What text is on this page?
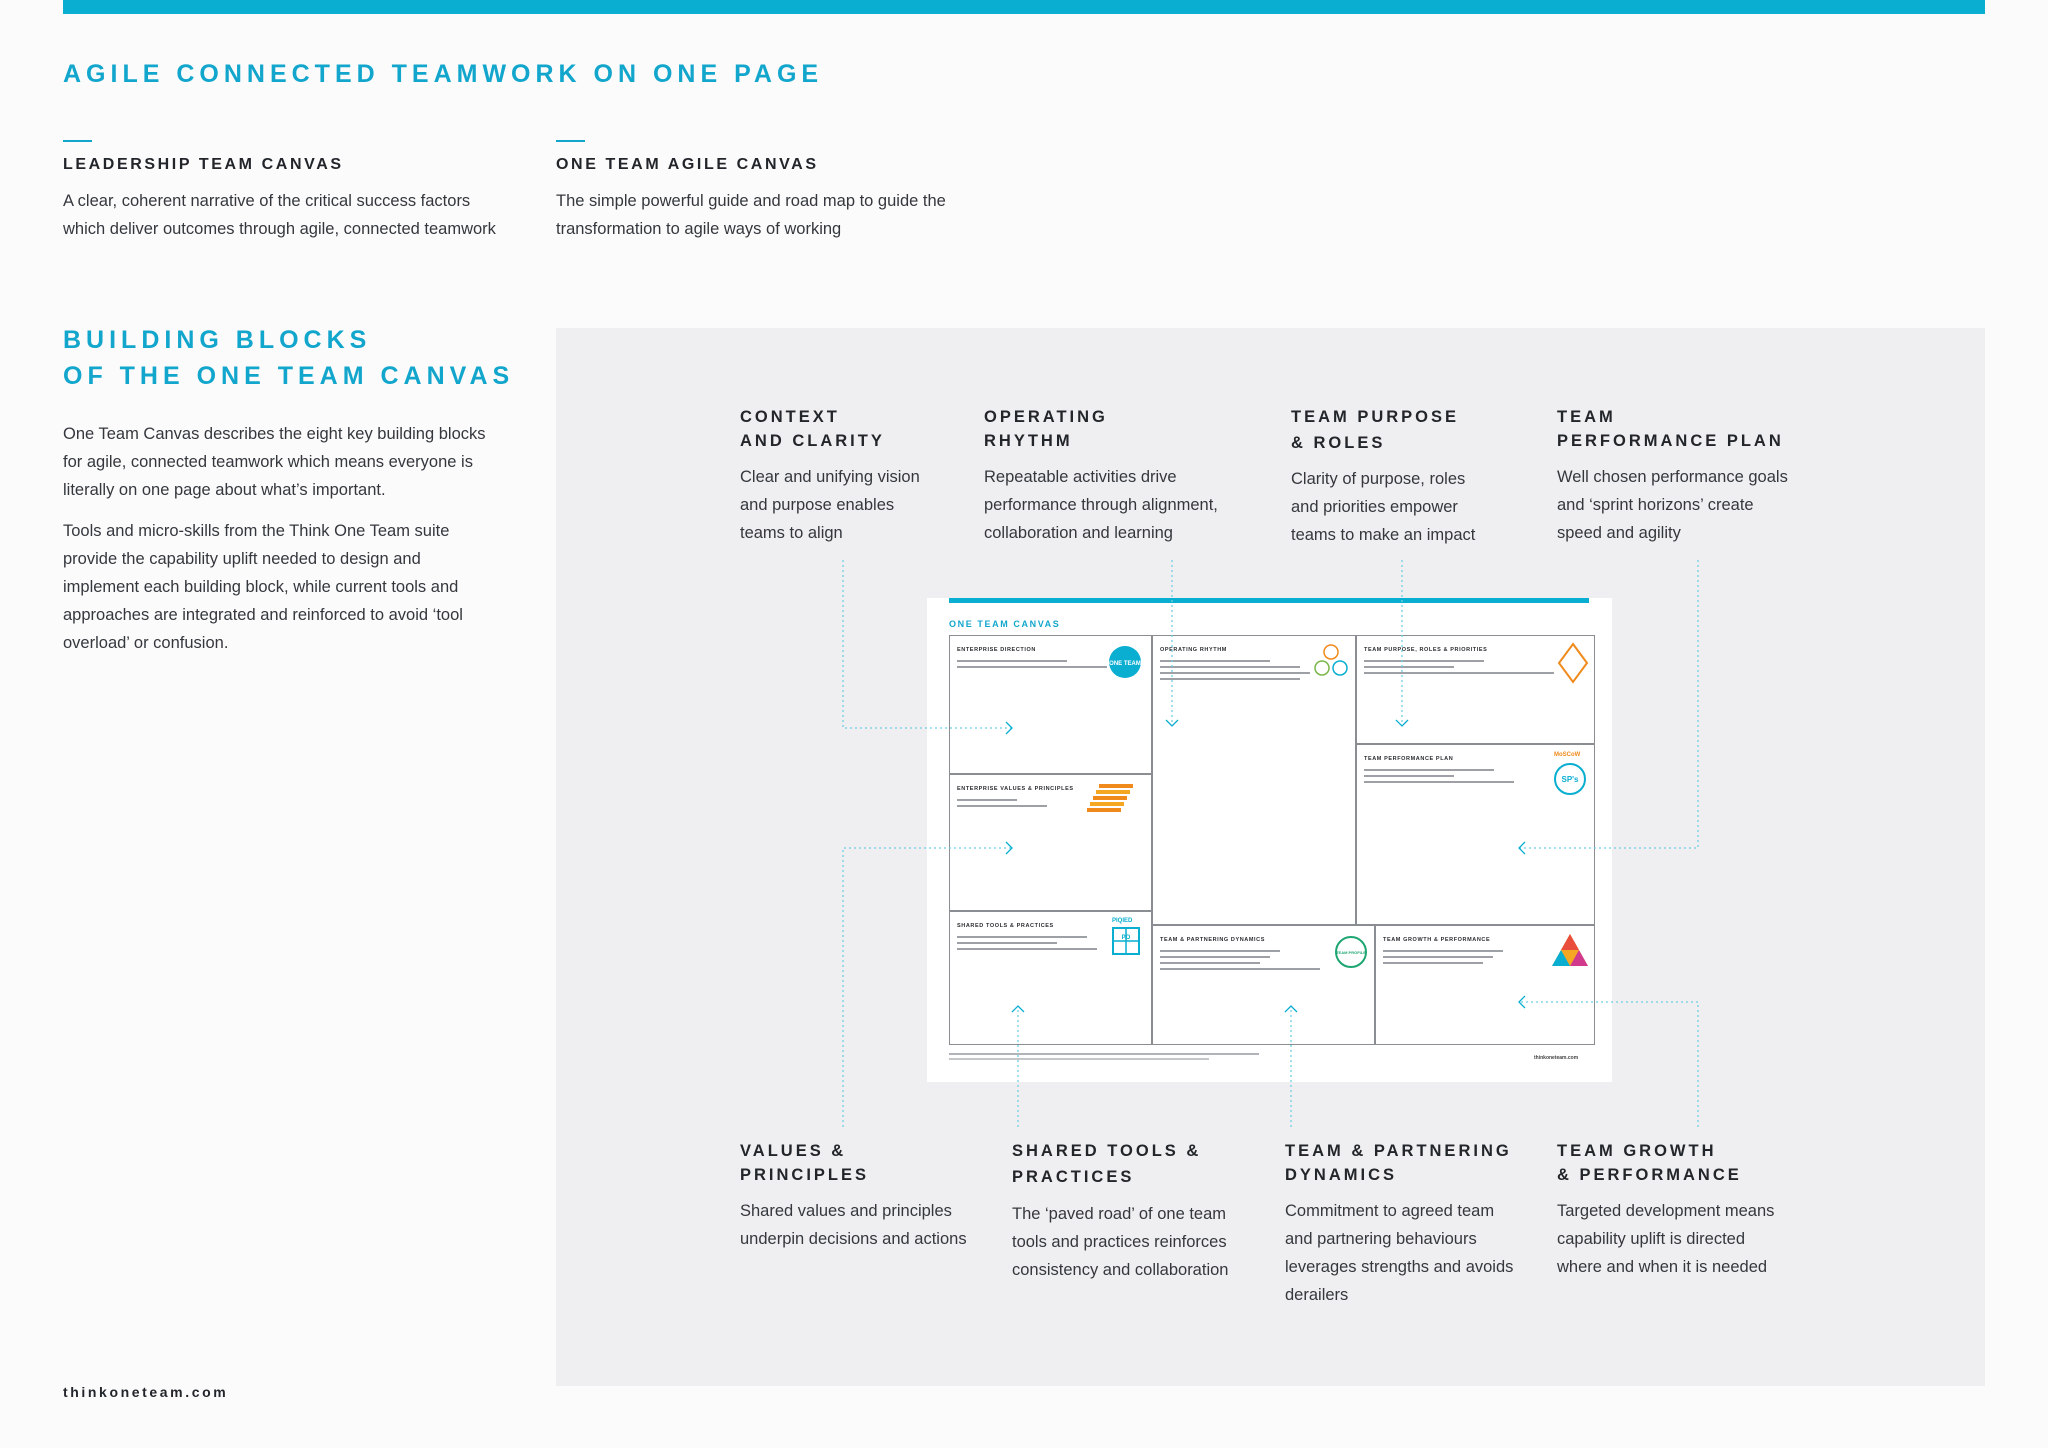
AGILE CONNECTED TEAMWORK ON ONE PAGE
LEADERSHIP TEAM CANVAS

A clear, coherent narrative of the critical success factors

which deliver outcomes through agile, connected teamwork

ONE TEAM AGILE CANVAS

The simple powerful guide and road map to guide the

transformation to agile ways of working

BUILDING BLOCKS
OF THE ONE TEAM CANVAS

One Team Canvas describes the eight key building blocks

for agile, connected teamwork which means everyone is

literally on one page about what’s important.

Tools and micro-skills from the Think One Team suite

provide the capability uplift needed to design and

implement each building block, while current tools and

approaches are integrated and reinforced to avoid ‘tool

overload’ or confusion.

CONTEXT
AND CLARITY

Clear and unifying vision

and purpose enables

teams to align

OPERATING
RHYTHM

Repeatable activities drive

performance through alignment,

collaboration and learning

TEAM PURPOSE
& ROLES

Clarity of purpose, roles

and priorities empower

teams to make an impact

TEAM
PERFORMANCE PLAN

Well chosen performance goals

and ‘sprint horizons’ create

speed and agility

VALUES &
PRINCIPLES

Shared values and principles

underpin decisions and actions

SHARED TOOLS &
PRACTICES

The ‘paved road’ of one team

tools and practices reinforces

consistency and collaboration

TEAM & PARTNERING
DYNAMICS

Commitment to agreed team

and partnering behaviours

leverages strengths and avoids

derailers

TEAM GROWTH
& PERFORMANCE

Targeted development means

capability uplift is directed

where and when it is needed

ONE TEAM CANVAS
ENTERPRISE DIRECTION
ONE TEAM
OPERATING RHYTHM	TEAM PURPOSE, ROLES & PRIORITIES
TEAM PERFORMANCE PLAN
MoSCoW
SP's
ENTERPRISE VALUES & PRINCIPLES
SHARED TOOLS & PRACTICES
PIQIED
PO	TEAM & PARTNERING DYNAMICS
TEAM PROFILE
TEAM GROWTH & PERFORMANCE
thinkoneteam.com
thinkoneteam.com
